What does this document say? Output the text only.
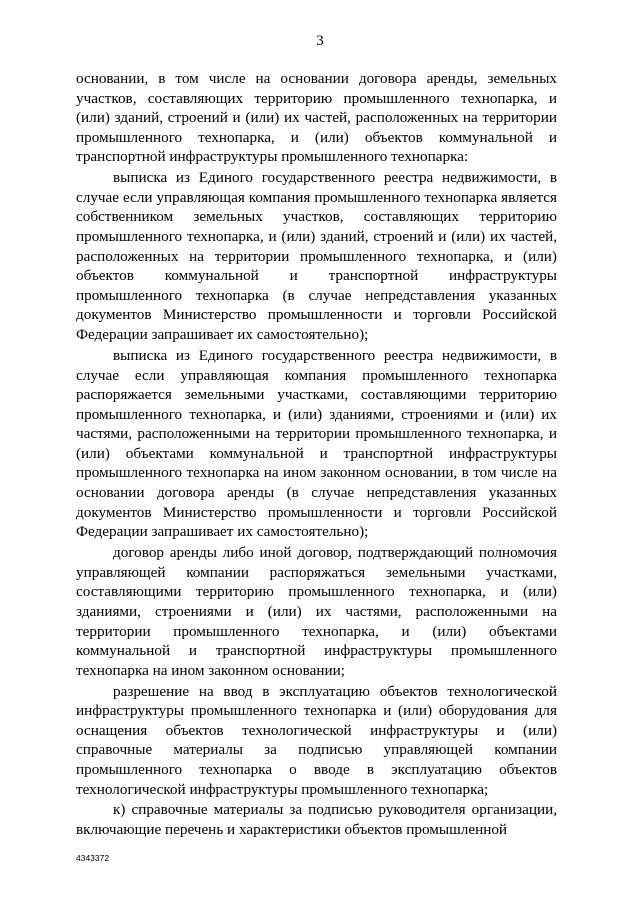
3

основании, в том числе на основании договора аренды, земельных участков, составляющих территорию промышленного технопарка, и (или) зданий, строений и (или) их частей, расположенных на территории промышленного технопарка, и (или) объектов коммунальной и транспортной инфраструктуры промышленного технопарка:

выписка из Единого государственного реестра недвижимости, в случае если управляющая компания промышленного технопарка является собственником земельных участков, составляющих территорию промышленного технопарка, и (или) зданий, строений и (или) их частей, расположенных на территории промышленного технопарка, и (или) объектов коммунальной и транспортной инфраструктуры промышленного технопарка (в случае непредставления указанных документов Министерство промышленности и торговли Российской Федерации запрашивает их самостоятельно);

выписка из Единого государственного реестра недвижимости, в случае если управляющая компания промышленного технопарка распоряжается земельными участками, составляющими территорию промышленного технопарка, и (или) зданиями, строениями и (или) их частями, расположенными на территории промышленного технопарка, и (или) объектами коммунальной и транспортной инфраструктуры промышленного технопарка на ином законном основании, в том числе на основании договора аренды (в случае непредставления указанных документов Министерство промышленности и торговли Российской Федерации запрашивает их самостоятельно);

договор аренды либо иной договор, подтверждающий полномочия управляющей компании распоряжаться земельными участками, составляющими территорию промышленного технопарка, и (или) зданиями, строениями и (или) их частями, расположенными на территории промышленного технопарка, и (или) объектами коммунальной и транспортной инфраструктуры промышленного технопарка на ином законном основании;

разрешение на ввод в эксплуатацию объектов технологической инфраструктуры промышленного технопарка и (или) оборудования для оснащения объектов технологической инфраструктуры и (или) справочные материалы за подписью управляющей компании промышленного технопарка о вводе в эксплуатацию объектов технологической инфраструктуры промышленного технопарка;

к) справочные материалы за подписью руководителя организации, включающие перечень и характеристики объектов промышленной

4343372
